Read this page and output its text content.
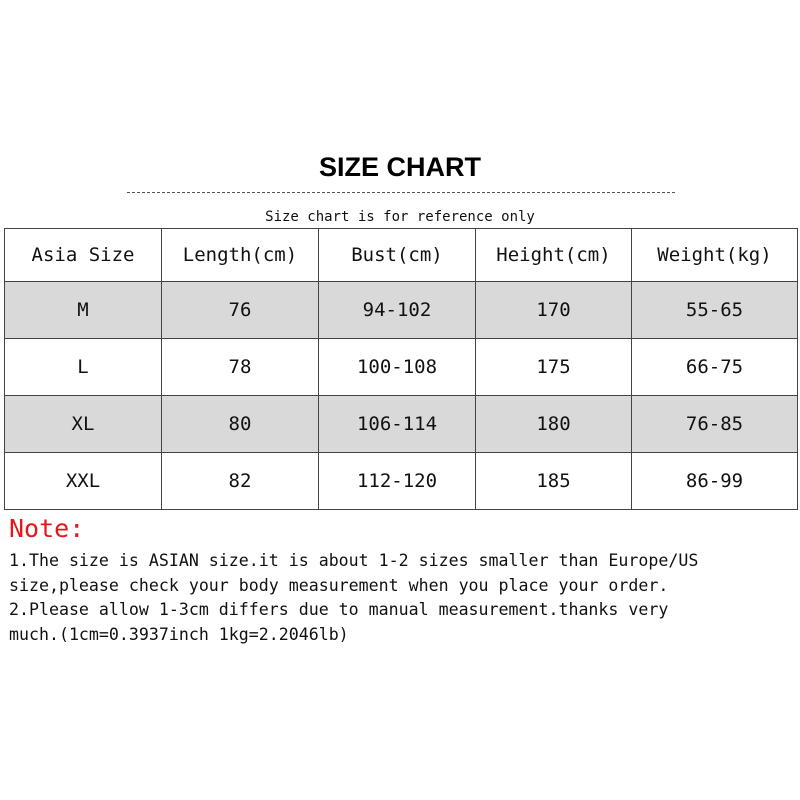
SIZE CHART
Size chart is for reference only
Asia Size	Length(cm)	Bust(cm)	Height(cm)	Weight(kg)
M	76	94-102	170	55-65
L	78	100-108	175	66-75
XL	80	106-114	180	76-85
XXL	82	112-120	185	86-99
Note:
1.The size is ASIAN size.it is about 1-2 sizes smaller than Europe/US
size,please check your body measurement when you place your order.
2.Please allow 1-3cm differs due to manual measurement.thanks very
much.(1cm=0.3937inch 1kg=2.2046lb)
